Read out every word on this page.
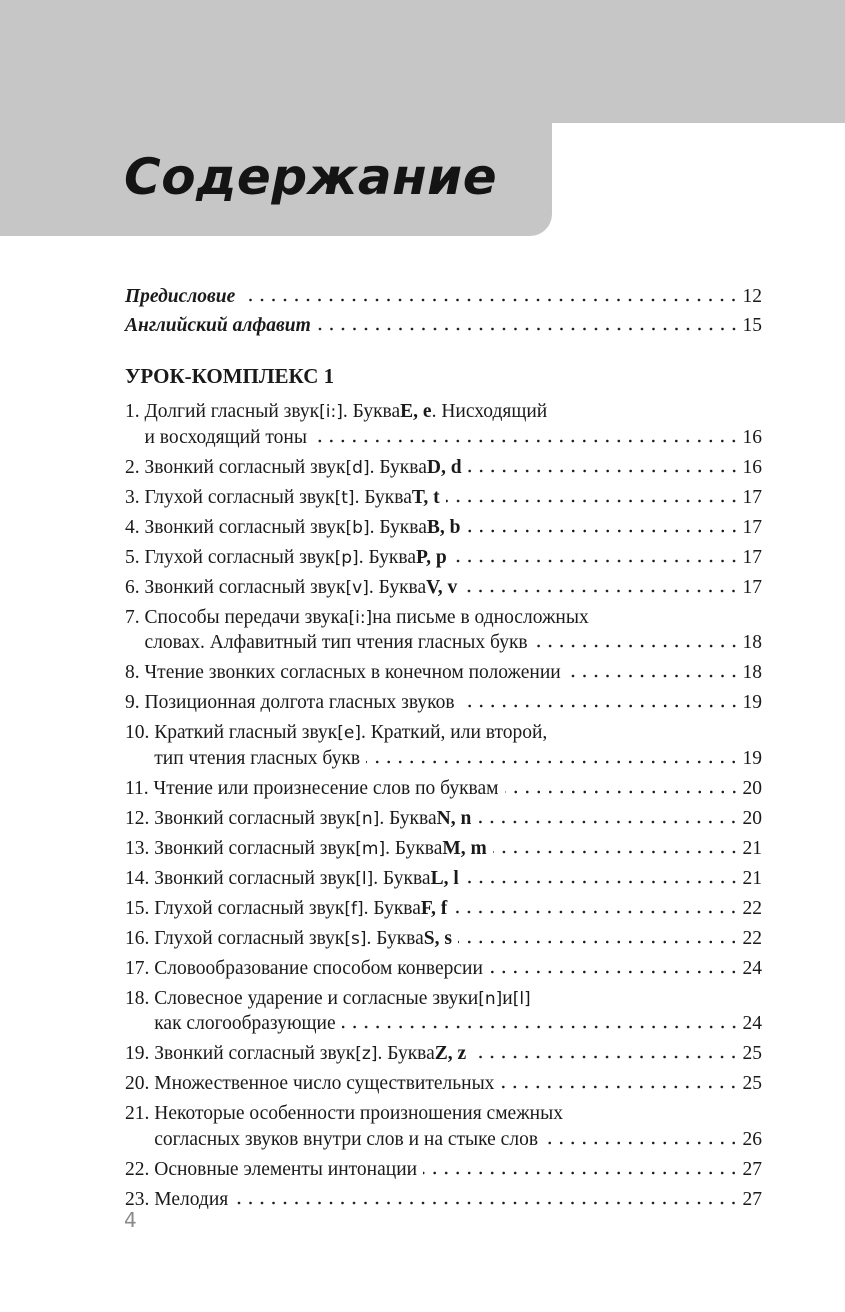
Содержание
Предисловие	12
Английский алфавит	15
УРОК-КОМПЛЕКС 1
1. Долгий гласный звук [i:] . Буква E, e . Нисходящий
и восходящий тоны	16
2. Звонкий согласный звук [d] . Буква D, d	16
3. Глухой согласный звук [t] . Буква T, t	17
4. Звонкий согласный звук [b] . Буква B, b	17
5. Глухой согласный звук [p] . Буква P, p	17
6. Звонкий согласный звук [v] . Буква V, v	17
7. Способы передачи звука [i:] на письме в односложных
словах. Алфавитный тип чтения гласных букв	18
8. Чтение звонких согласных в конечном положении	18
9. Позиционная долгота гласных звуков	19
10. Краткий гласный звук [e] . Краткий, или второй,
тип чтения гласных букв	19
11. Чтение или произнесение слов по буквам	20
12. Звонкий согласный звук [n] . Буква N, n	20
13. Звонкий согласный звук [m] . Буква M, m	21
14. Звонкий согласный звук [l] . Буква L, l	21
15. Глухой согласный звук [f] . Буква F, f	22
16. Глухой согласный звук [s] . Буква S, s	22
17. Словообразование способом конверсии	24
18. Словесное ударение и согласные звуки [n] и [l]
как слогообразующие	24
19. Звонкий согласный звук [z] . Буква Z, z	25
20. Множественное число существительных	25
21. Некоторые особенности произношения смежных
согласных звуков внутри слов и на стыке слов	26
22. Основные элементы интонации	27
23. Мелодия	27
4
